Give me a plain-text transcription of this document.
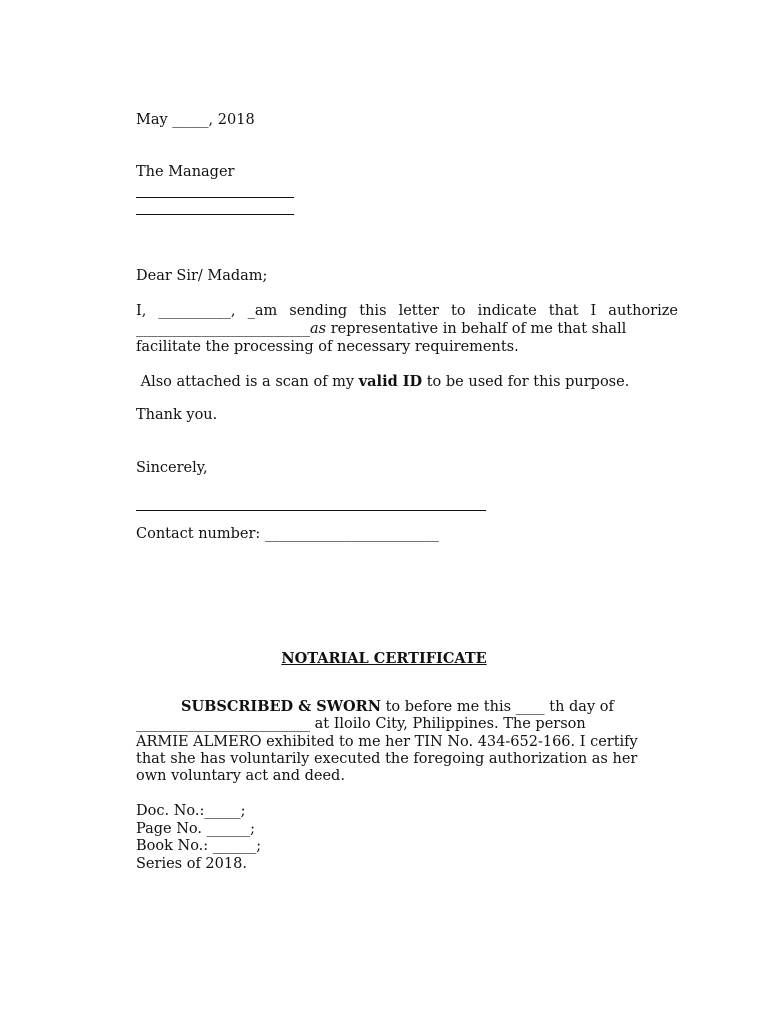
May _____, 2018
The Manager
Dear Sir/ Madam;
I, __________, _am sending this letter to indicate that I authorize
________________________as representative in behalf of me that shall
facilitate the processing of necessary requirements.
Also attached is a scan of my valid ID to be used for this purpose.
Thank you.
Sincerely,
Contact number: ________________________
NOTARIAL CERTIFICATE
SUBSCRIBED & SWORN to before me this ____ th day of
________________________ at Iloilo City, Philippines. The person
ARMIE ALMERO exhibited to me her TIN No. 434-652-166. I certify
that she has voluntarily executed the foregoing authorization as her
own voluntary act and deed.
Doc. No.:_____;
Page No. ______;
Book No.: ______;
Series of 2018.
